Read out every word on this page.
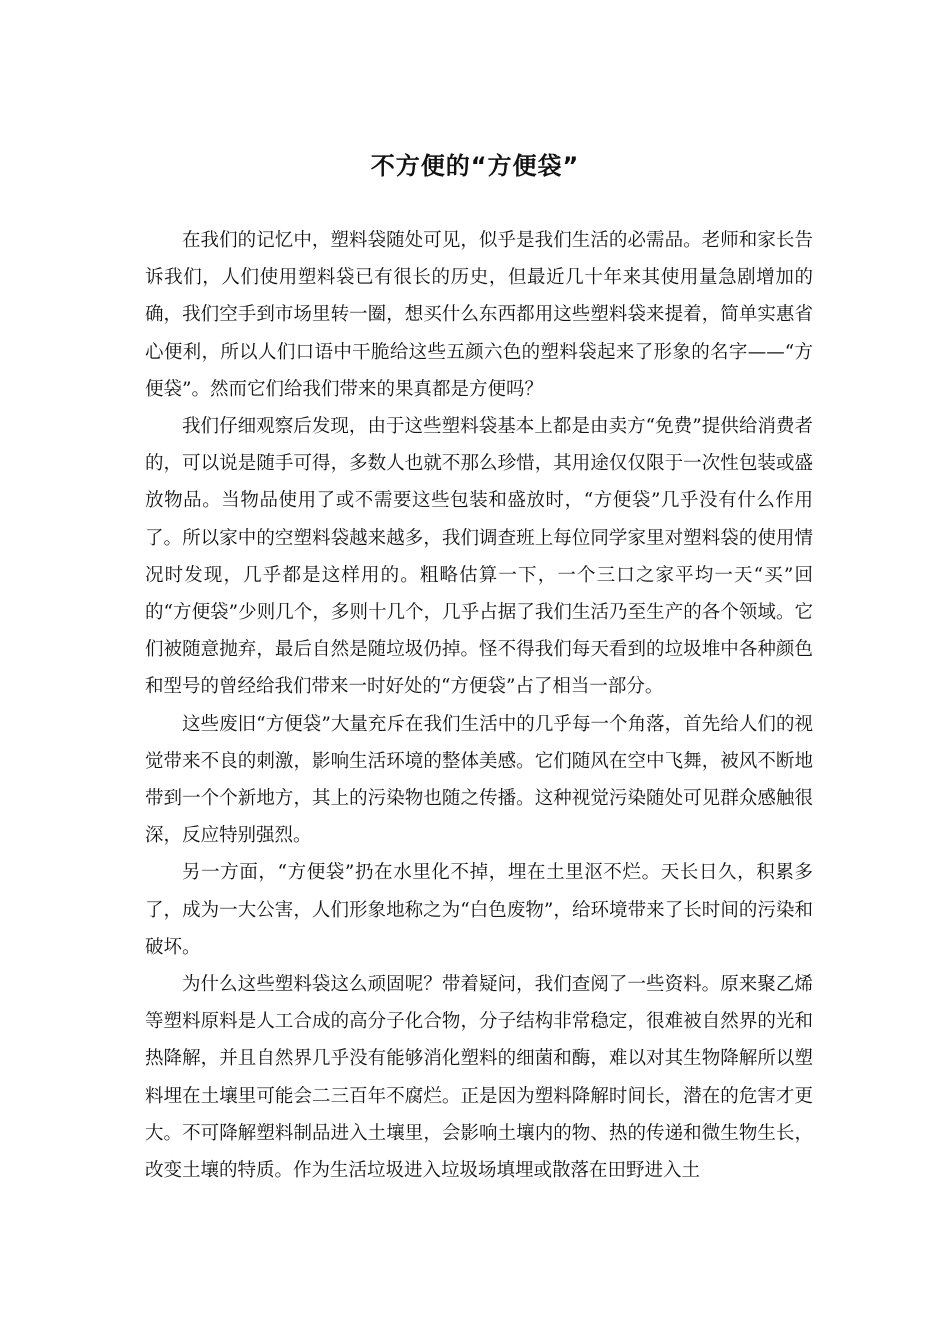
不方便的“方便袋”

在我们的记忆中，塑料袋随处可见，似乎是我们生活的必需品。老师和家长告诉我们，人们使用塑料袋已有很长的历史，但最近几十年来其使用量急剧增加的确，我们空手到市场里转一圈，想买什么东西都用这些塑料袋来提着，简单实惠省心便利，所以人们口语中干脆给这些五颜六色的塑料袋起来了形象的名字——“方便袋”。然而它们给我们带来的果真都是方便吗？

我们仔细观察后发现，由于这些塑料袋基本上都是由卖方“免费”提供给消费者的，可以说是随手可得，多数人也就不那么珍惜，其用途仅仅限于一次性包装或盛放物品。当物品使用了或不需要这些包装和盛放时，“方便袋”几乎没有什么作用了。所以家中的空塑料袋越来越多，我们调查班上每位同学家里对塑料袋的使用情况时发现，几乎都是这样用的。粗略估算一下，一个三口之家平均一天“买”回的“方便袋”少则几个，多则十几个，几乎占据了我们生活乃至生产的各个领域。它们被随意抛弃，最后自然是随垃圾仍掉。怪不得我们每天看到的垃圾堆中各种颜色和型号的曾经给我们带来一时好处的“方便袋”占了相当一部分。

这些废旧“方便袋”大量充斥在我们生活中的几乎每一个角落，首先给人们的视觉带来不良的刺激，影响生活环境的整体美感。它们随风在空中飞舞，被风不断地带到一个个新地方，其上的污染物也随之传播。这种视觉污染随处可见群众感触很深，反应特别强烈。

另一方面，“方便袋”扔在水里化不掉，埋在土里沤不烂。天长日久，积累多了，成为一大公害，人们形象地称之为“白色废物”，给环境带来了长时间的污染和破坏。

为什么这些塑料袋这么顽固呢？带着疑问，我们查阅了一些资料。原来聚乙烯等塑料原料是人工合成的高分子化合物，分子结构非常稳定，很难被自然界的光和热降解，并且自然界几乎没有能够消化塑料的细菌和酶，难以对其生物降解所以塑料埋在土壤里可能会二三百年不腐烂。正是因为塑料降解时间长，潜在的危害才更大。不可降解塑料制品进入土壤里，会影响土壤内的物、热的传递和微生物生长，改变土壤的特质。作为生活垃圾进入垃圾场填埋或散落在田野进入土
